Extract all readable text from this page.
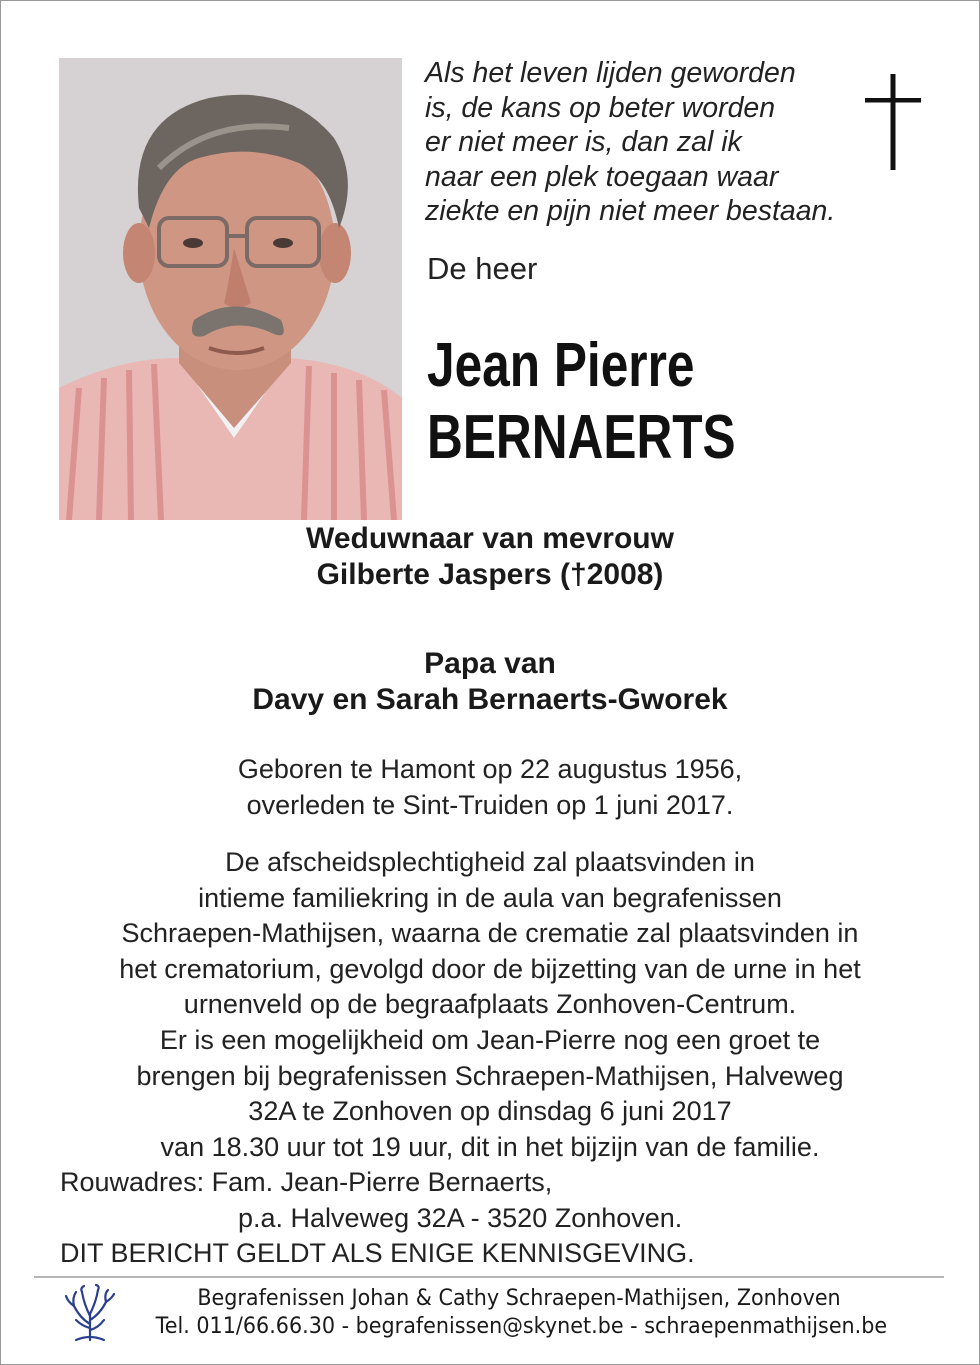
Als het leven lijden geworden
is, de kans op beter worden
er niet meer is, dan zal ik
naar een plek toegaan waar
ziekte en pijn niet meer bestaan.
De heer
Jean Pierre
BERNAERTS
Weduwnaar van mevrouw
Gilberte Jaspers (†2008)
Papa van
Davy en Sarah Bernaerts-Gworek
Geboren te Hamont op 22 augustus 1956,
overleden te Sint-Truiden op 1 juni 2017.
De afscheidsplechtigheid zal plaatsvinden in
intieme familiekring in de aula van begrafenissen
Schraepen-Mathijsen, waarna de crematie zal plaatsvinden in
het crematorium, gevolgd door de bijzetting van de urne in het
urnenveld op de begraafplaats Zonhoven-Centrum.
Er is een mogelijkheid om Jean-Pierre nog een groet te
brengen bij begrafenissen Schraepen-Mathijsen, Halveweg
32A te Zonhoven op dinsdag 6 juni 2017
van 18.30 uur tot 19 uur, dit in het bijzijn van de familie.
Rouwadres: Fam. Jean-Pierre Bernaerts,
p.a. Halveweg 32A - 3520 Zonhoven.
DIT BERICHT GELDT ALS ENIGE KENNISGEVING.
Begrafenissen Johan & Cathy Schraepen-Mathijsen, Zonhoven
Tel. 011/66.66.30 - begrafenissen@skynet.be - schraepenmathijsen.be
